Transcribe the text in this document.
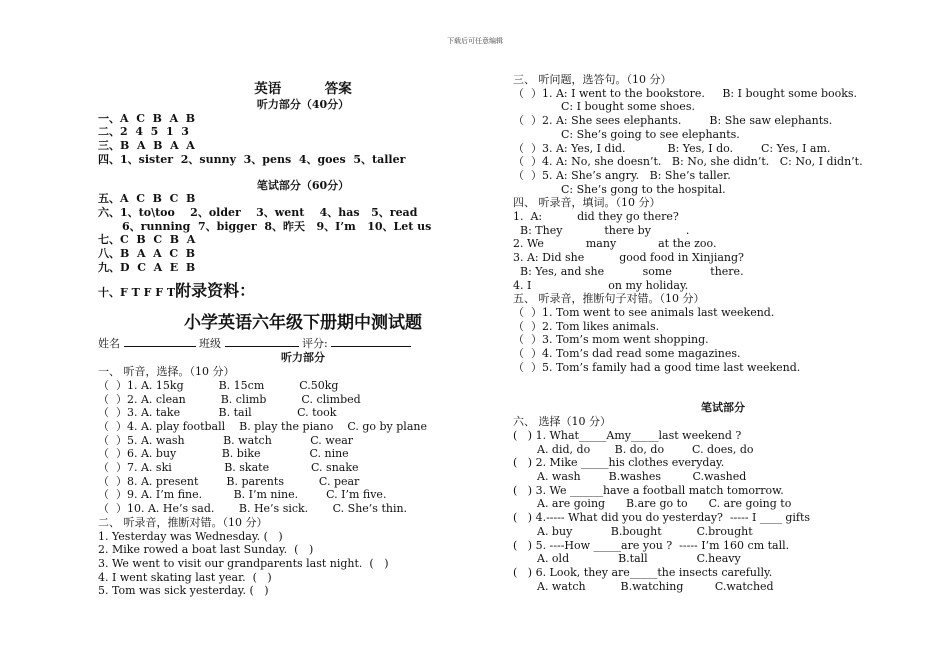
下载后可任意编辑
英语	答案
听力部分（40分）
一、A  C  B  A  B
二、2  4  5  1  3
三、B  A  B  A  A
四、1、sister  2、sunny  3、pens  4、goes  5、taller
笔试部分（60分）
五、A  C  B  C  B
六、1、to\too    2、older    3、went    4、has   5、read
6、running  7、bigger  8、昨天   9、I’m   10、Let us
七、C  B  C  B  A
八、B  A  A  C  B
九、D  C  A  E  B
十、F T F F T附录资料：
小学英语六年级下册期中测试题
姓名	班级	评分:
听力部分
一、 听音，选择。（10 分）
（  ）1. A. 15kg          B. 15cm          C.50kg
（  ）2. A. clean          B. climb          C. climbed
（  ）3. A. take           B. tail             C. took
（  ）4. A. play football    B. play the piano    C. go by plane
（  ）5. A. wash           B. watch           C. wear
（  ）6. A. buy             B. bike              C. nine
（  ）7. A. ski               B. skate            C. snake
（  ）8. A. present        B. parents          C. pear
（  ）9. A. I’m fine.         B. I’m nine.        C. I’m five.
（  ）10. A. He’s sad.       B. He’s sick.       C. She’s thin.
二、 听录音，推断对错。（10 分）
1. Yesterday was Wednesday. (   )
2. Mike rowed a boat last Sunday.  (   )
3. We went to visit our grandparents last night.  (   )
4. I went skating last year.  (   )
5. Tom was sick yesterday. (   )
三、 听问题，选答句。（10 分）
（  ）1. A: I went to the bookstore.     B: I bought some books.
C: I bought some shoes.
（  ）2. A: She sees elephants.        B: She saw elephants.
C: She’s going to see elephants.
（  ）3. A: Yes, I did.            B: Yes, I do.        C: Yes, I am.
（  ）4. A: No, she doesn’t.   B: No, she didn’t.   C: No, I didn’t.
（  ）5. A: She’s angry.   B: She’s taller.
C: She’s gong to the hospital.
四、 听录音，填词。（10 分）
1.  A:          did they go there?
B: They            there by          .
2. We            many            at the zoo.
3. A: Did she          good food in Xinjiang?
B: Yes, and she           some           there.
4. I                      on my holiday.
五、 听录音，推断句子对错。（10 分）
（  ）1. Tom went to see animals last weekend.
（  ）2. Tom likes animals.
（  ）3. Tom’s mom went shopping.
（  ）4. Tom’s dad read some magazines.
（  ）5. Tom’s family had a good time last weekend.
笔试部分
六、 选择（10 分）
(   ) 1. What_____Amy_____last weekend ?
A. did, do       B. do, do        C. does, do
(   ) 2. Mike _____his clothes everyday.
A. wash        B.washes         C.washed
(   ) 3. We ______have a football match tomorrow.
A. are going      B.are go to      C. are going to
(   ) 4.----- What did you do yesterday?  ----- I ____ gifts
A. buy           B.bought          C.brought
(   ) 5. ----How _____are you ?  ----- I’m 160 cm tall.
A. old              B.tall              C.heavy
(   ) 6. Look, they are_____the insects carefully.
A. watch          B.watching         C.watched
